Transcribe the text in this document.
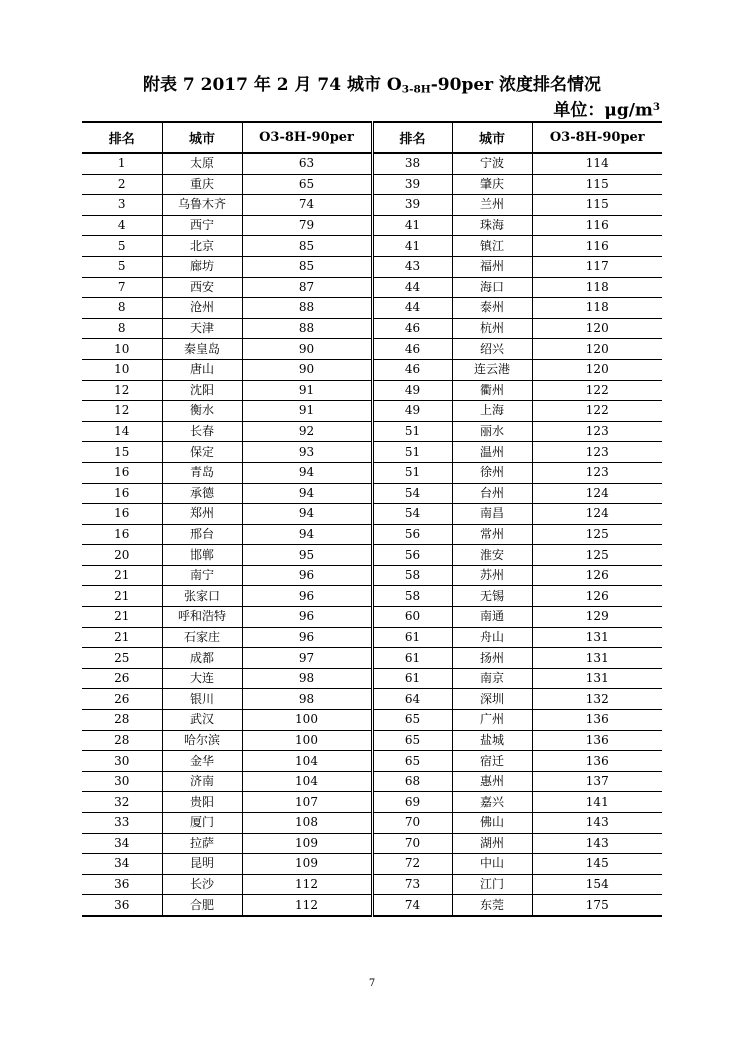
附表 7 2017 年 2 月 74 城市 $O_{3-8H}-90per$ 浓度排名情况
单位：$\mu g/m^3$
排名	城市	O3-8H-90per	排名	城市	O3-8H-90per
1	太原	63	38	宁波	114
2	重庆	65	39	肇庆	115
3	乌鲁木齐	74	39	兰州	115
4	西宁	79	41	珠海	116
5	北京	85	41	镇江	116
5	廊坊	85	43	福州	117
7	西安	87	44	海口	118
8	沧州	88	44	泰州	118
8	天津	88	46	杭州	120
10	秦皇岛	90	46	绍兴	120
10	唐山	90	46	连云港	120
12	沈阳	91	49	衢州	122
12	衡水	91	49	上海	122
14	长春	92	51	丽水	123
15	保定	93	51	温州	123
16	青岛	94	51	徐州	123
16	承德	94	54	台州	124
16	郑州	94	54	南昌	124
16	邢台	94	56	常州	125
20	邯郸	95	56	淮安	125
21	南宁	96	58	苏州	126
21	张家口	96	58	无锡	126
21	呼和浩特	96	60	南通	129
21	石家庄	96	61	舟山	131
25	成都	97	61	扬州	131
26	大连	98	61	南京	131
26	银川	98	64	深圳	132
28	武汉	100	65	广州	136
28	哈尔滨	100	65	盐城	136
30	金华	104	65	宿迁	136
30	济南	104	68	惠州	137
32	贵阳	107	69	嘉兴	141
33	厦门	108	70	佛山	143
34	拉萨	109	70	湖州	143
34	昆明	109	72	中山	145
36	长沙	112	73	江门	154
36	合肥	112	74	东莞	175
7
